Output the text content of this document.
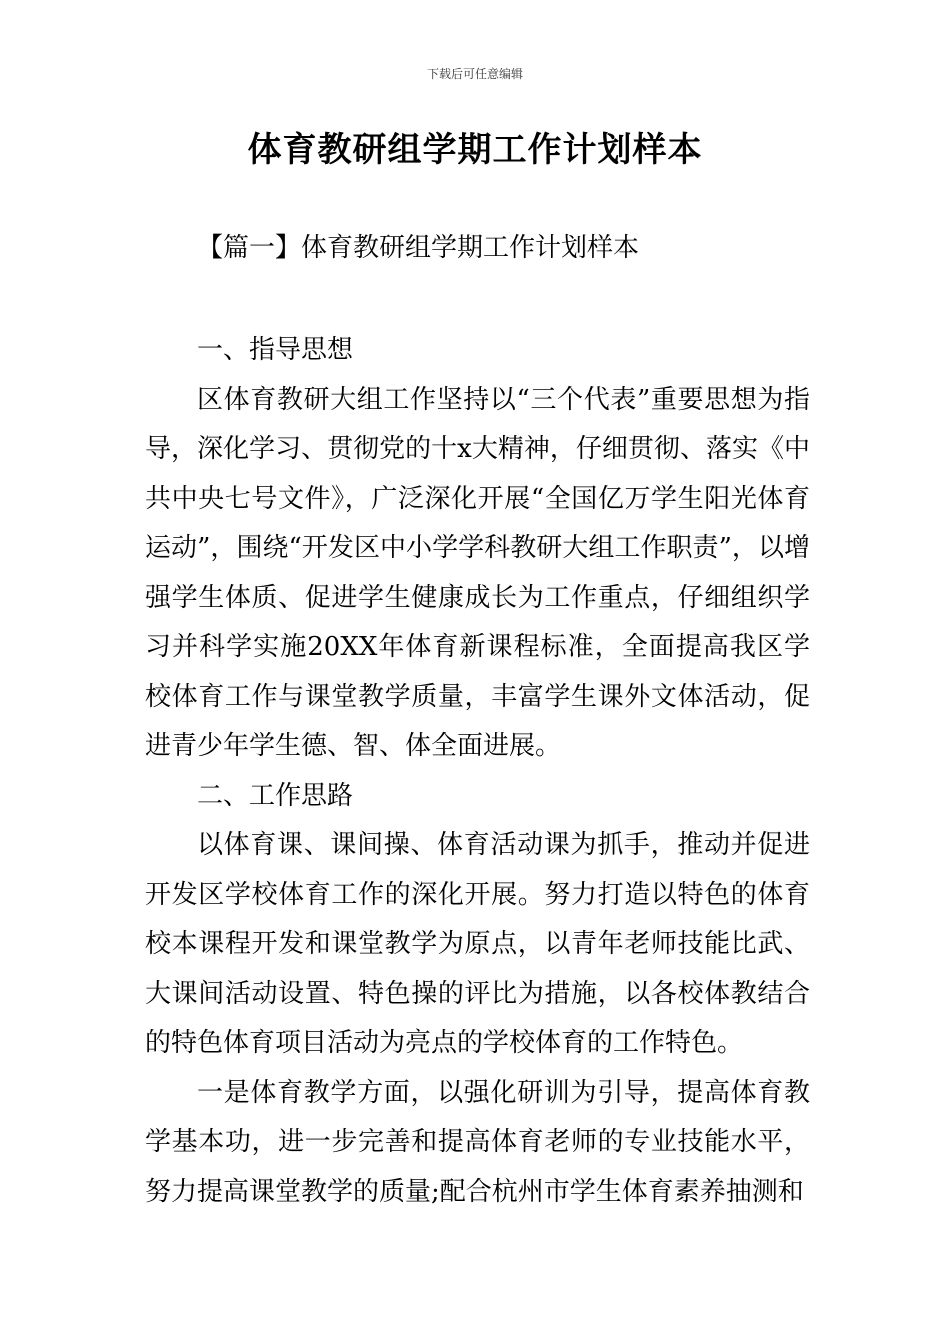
下载后可任意编辑
体育教研组学期工作计划样本
【篇一】体育教研组学期工作计划样本

一、指导思想

区体育教研大组工作坚持以“三个代表”重要思想为指导，深化学习、贯彻党的十x大精神，仔细贯彻、落实《中共中央七号文件》，广泛深化开展“全国亿万学生阳光体育运动”，围绕“开发区中小学学科教研大组工作职责”，以增强学生体质、促进学生健康成长为工作重点，仔细组织学习并科学实施20XX年体育新课程标准，全面提高我区学校体育工作与课堂教学质量，丰富学生课外文体活动，促进青少年学生德、智、体全面进展。

二、工作思路

以体育课、课间操、体育活动课为抓手，推动并促进开发区学校体育工作的深化开展。努力打造以特色的体育校本课程开发和课堂教学为原点，以青年老师技能比武、大课间活动设置、特色操的评比为措施，以各校体教结合的特色体育项目活动为亮点的学校体育的工作特色。

一是体育教学方面，以强化研训为引导，提高体育教学基本功，进一步完善和提高体育老师的专业技能水平，努力提高课堂教学的质量;配合杭州市学生体育素养抽测和
